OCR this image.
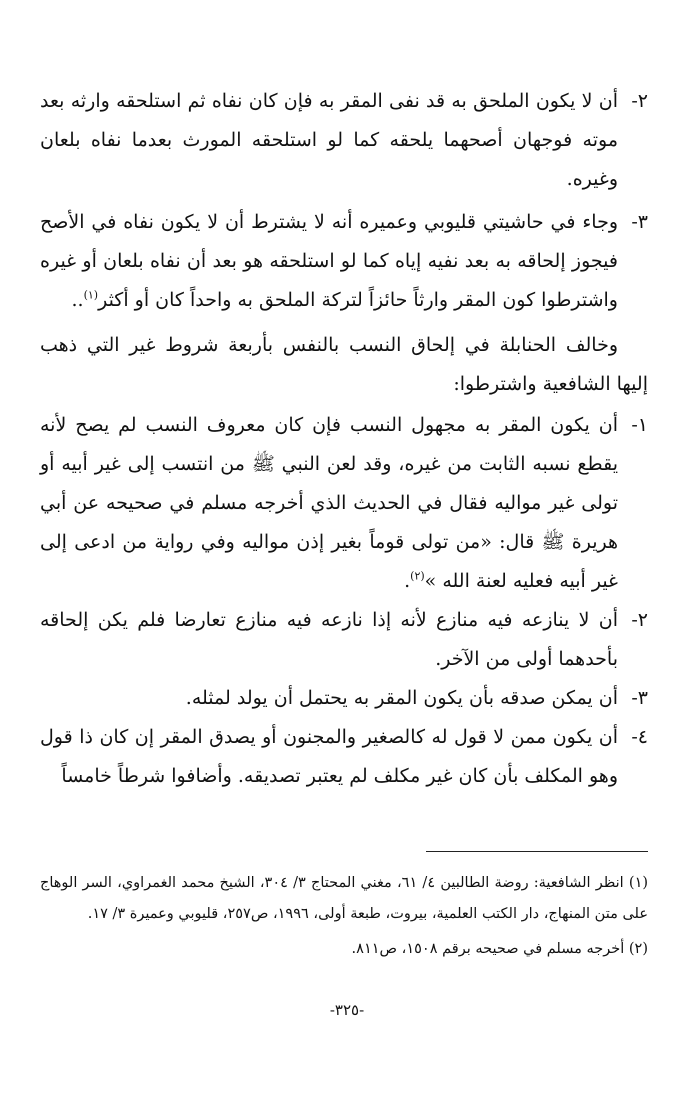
٢-أن لا يكون الملحق به قد نفى المقر به فإن كان نفاه ثم استلحقه وارثه بعد موته فوجهان أصحهما يلحقه كما لو استلحقه المورث بعدما نفاه بلعان وغيره.

٣-وجاء في حاشيتي قليوبي وعميره أنه لا يشترط أن لا يكون نفاه في الأصح فيجوز إلحاقه به بعد نفيه إياه كما لو استلحقه هو بعد أن نفاه بلعان أو غيره واشترطوا كون المقر وارثاً حائزاً لتركة الملحق به واحداً كان أو أكثر$^{(١)}$..

وخالف الحنابلة في إلحاق النسب بالنفس بأربعة شروط غير التي ذهب إليها الشافعية واشترطوا:

١-أن يكون المقر به مجهول النسب فإن كان معروف النسب لم يصح لأنه يقطع نسبه الثابت من غيره، وقد لعن النبي ﷺ من انتسب إلى غير أبيه أو تولى غير مواليه فقال في الحديث الذي أخرجه مسلم في صحيحه عن أبي هريرة ﷺ قال: «من تولى قوماً بغير إذن مواليه وفي رواية من ادعى إلى غير أبيه فعليه لعنة الله »$^{(٢)}$.

٢-أن لا ينازعه فيه منازع لأنه إذا نازعه فيه منازع تعارضا فلم يكن إلحاقه بأحدهما أولى من الآخر.

٣-أن يمكن صدقه بأن يكون المقر به يحتمل أن يولد لمثله.

٤-أن يكون ممن لا قول له كالصغير والمجنون أو يصدق المقر إن كان ذا قول وهو المكلف بأن كان غير مكلف لم يعتبر تصديقه. وأضافوا شرطاً خامساً

(١) انظر الشافعية: روضة الطالبين ٤/ ٦١، مغني المحتاج ٣/ ٣٠٤، الشيخ محمد الغمراوي، السر الوهاج على متن المنهاج، دار الكتب العلمية، بيروت، طبعة أولى، ١٩٩٦، ص٢٥٧، قليوبي وعميرة ٣/ ١٧.

(٢) أخرجه مسلم في صحيحه برقم ١٥٠٨، ص٨١١.

-٣٢٥-
